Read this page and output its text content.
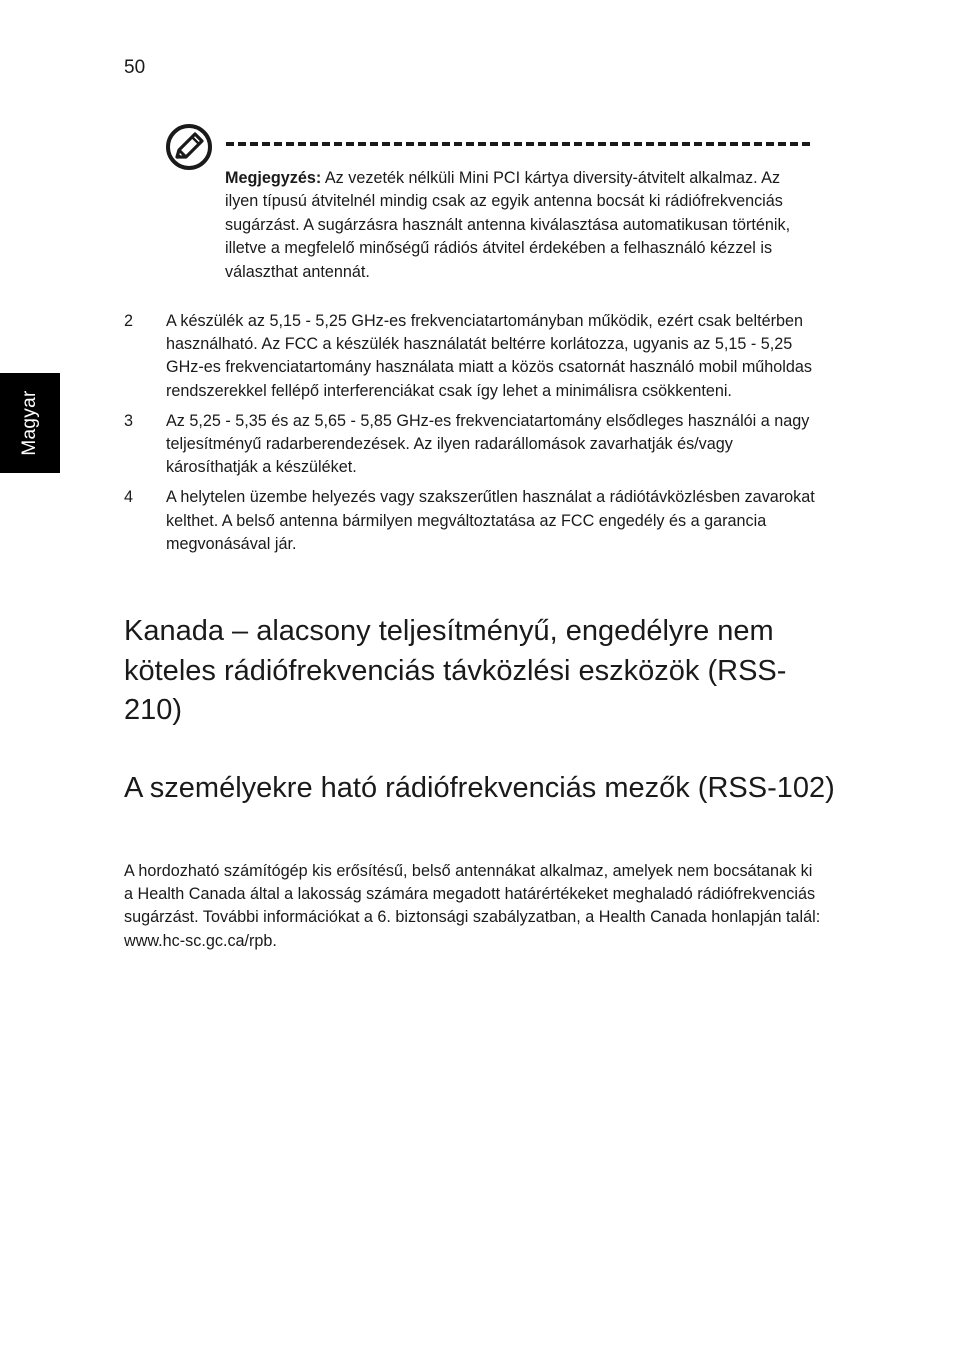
50
Magyar
Megjegyzés: Az vezeték nélküli Mini PCI kártya diversity-átvitelt alkalmaz. Az ilyen típusú átvitelnél mindig csak az egyik antenna bocsát ki rádiófrekvenciás sugárzást. A sugárzásra használt antenna kiválasztása automatikusan történik, illetve a megfelelő minőségű rádiós átvitel érdekében a felhasználó kézzel is választhat antennát.
2	A készülék az 5,15 - 5,25 GHz-es frekvenciatartományban működik, ezért csak beltérben használható. Az FCC a készülék használatát beltérre korlátozza, ugyanis az 5,15 - 5,25 GHz-es frekvenciatartomány használata miatt a közös csatornát használó mobil műholdas rendszerekkel fellépő interferenciákat csak így lehet a minimálisra csökkenteni.
3	Az 5,25 - 5,35 és az 5,65 - 5,85 GHz-es frekvenciatartomány elsődleges használói a nagy teljesítményű radarberendezések. Az ilyen radarállomások zavarhatják és/vagy károsíthatják a készüléket.
4	A helytelen üzembe helyezés vagy szakszerűtlen használat a rádiótávközlésben zavarokat kelthet. A belső antenna bármilyen megváltoztatása az FCC engedély és a garancia megvonásával jár.
Kanada – alacsony teljesítményű, engedélyre nem köteles rádiófrekvenciás távközlési eszközök (RSS-210)
A személyekre ható rádiófrekvenciás mezők (RSS-102)

A hordozható számítógép kis erősítésű, belső antennákat alkalmaz, amelyek nem bocsátanak ki a Health Canada által a lakosság számára megadott határértékeket meghaladó rádiófrekvenciás sugárzást. További információkat a 6. biztonsági szabályzatban, a Health Canada honlapján talál: www.hc-sc.gc.ca/rpb.
